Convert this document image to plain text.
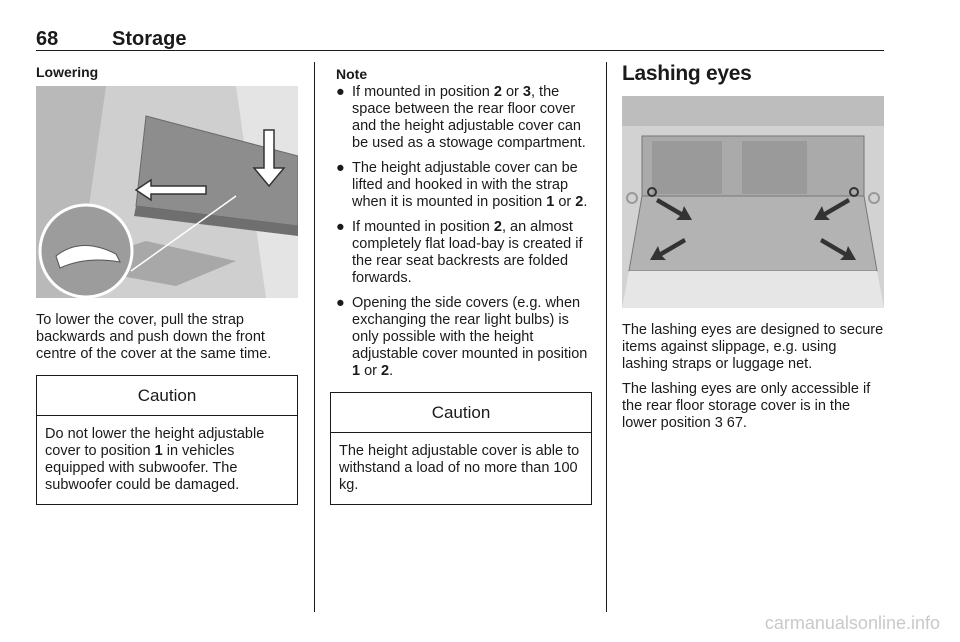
68	Storage
Lowering

To lower the cover, pull the strap backwards and push down the front centre of the cover at the same time.

Caution
Do not lower the height adjustable cover to position 1 in vehicles equipped with subwoofer. The subwoofer could be damaged.
Note
● If mounted in position 2 or 3, the space between the rear floor cover and the height adjustable cover can be used as a stowage compartment.
● The height adjustable cover can be lifted and hooked in with the strap when it is mounted in position 1 or 2.
● If mounted in position 2, an almost completely flat load-bay is created if the rear seat backrests are folded forwards.
● Opening the side covers (e.g. when exchanging the rear light bulbs) is only possible with the height adjustable cover mounted in position 1 or 2.
Caution
The height adjustable cover is able to withstand a load of no more than 100 kg.
Lashing eyes

The lashing eyes are designed to secure items against slippage, e.g. using lashing straps or luggage net.

The lashing eyes are only accessible if the rear floor storage cover is in the lower position 3 67.

carmanualsonline.info
